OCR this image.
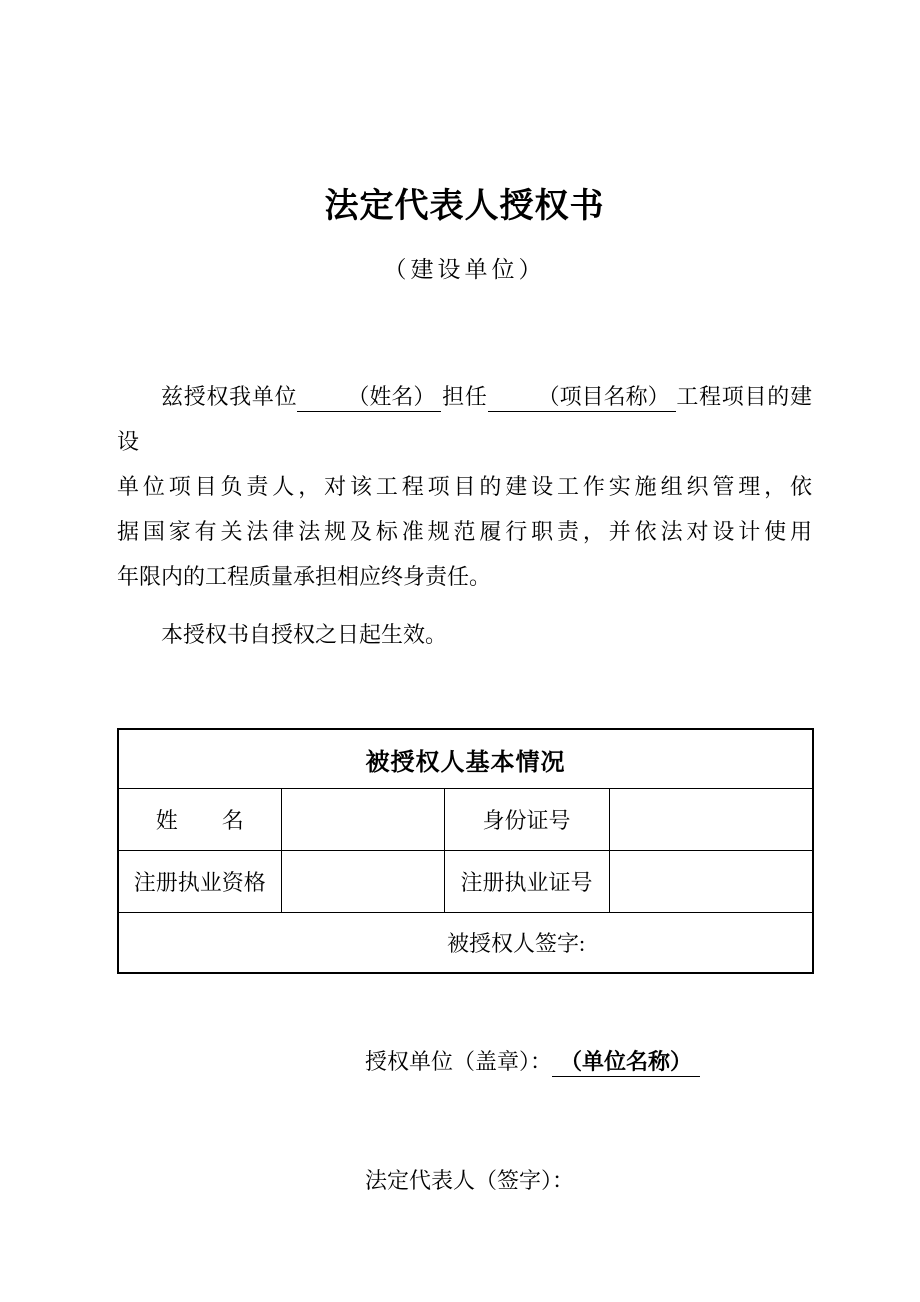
法定代表人授权书
（建设单位）
兹授权我单位 （姓名） 担任 （项目名称） 工程项目的建设
单位项目负责人，对该工程项目的建设工作实施组织管理，依
据国家有关法律法规及标准规范履行职责，并依法对设计使用
年限内的工程质量承担相应终身责任。
本授权书自授权之日起生效。
被授权人基本情况			
姓　　名		身份证号	
注册执业资格		注册执业证号	
被授权人签字:			
授权单位（盖章）： （单位名称）
法定代表人（签字）：
